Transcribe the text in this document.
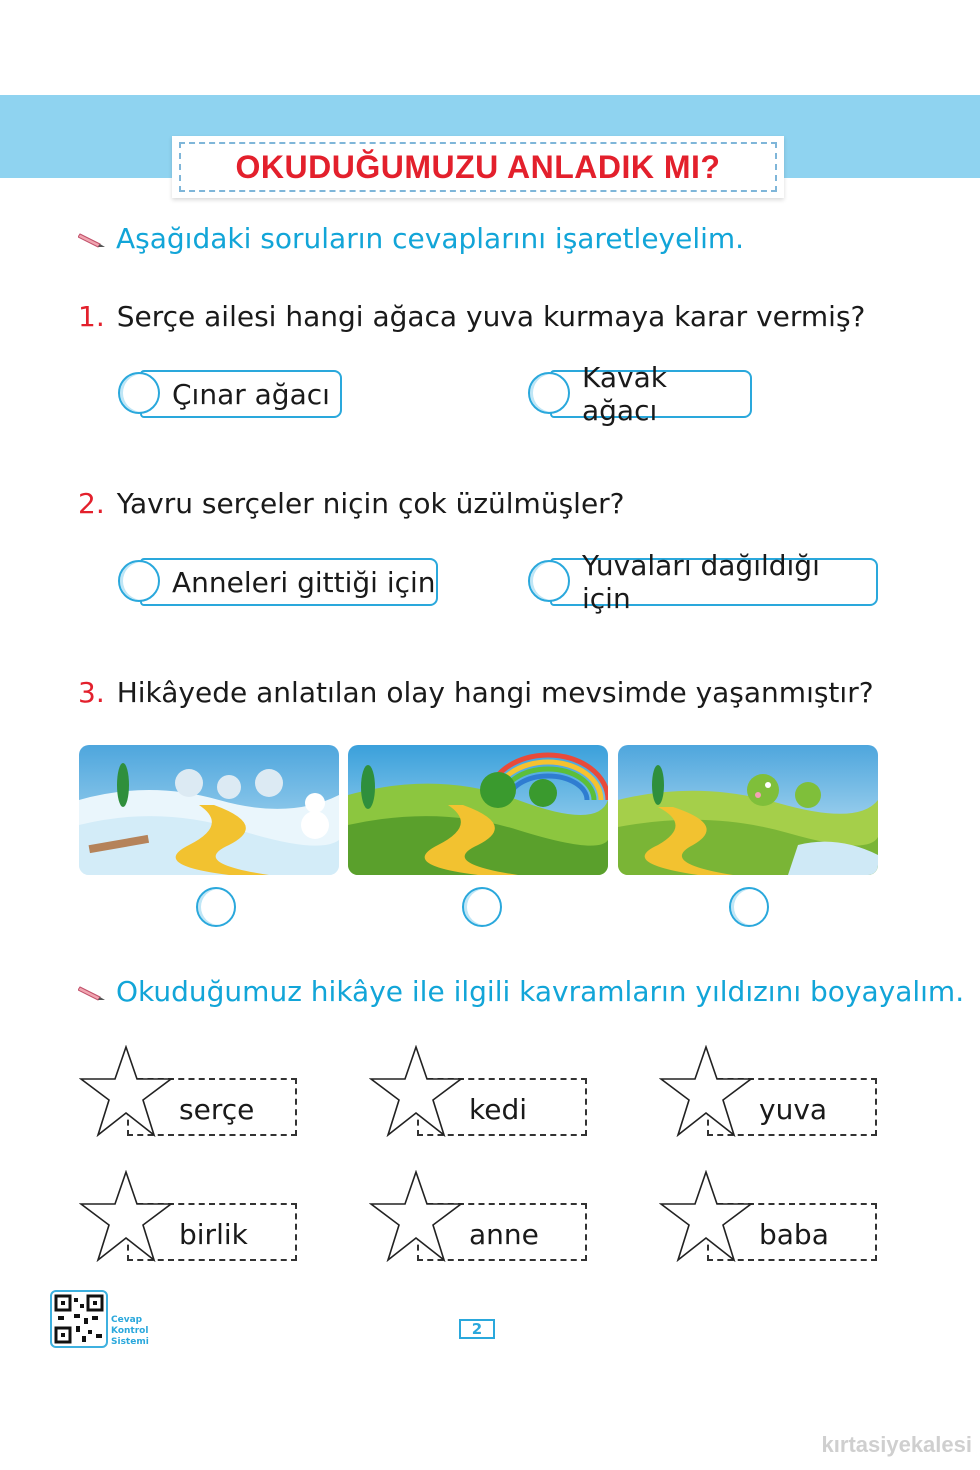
OKUDUĞUMUZU ANLADIK MI?
Aşağıdaki soruların cevaplarını işaretleyelim.
1. Serçe ailesi hangi ağaca yuva kurmaya karar vermiş?
Çınar ağacı	Kavak ağacı
2. Yavru serçeler niçin çok üzülmüşler?
Anneleri gittiği için	Yuvaları dağıldığı için
3. Hikâyede anlatılan olay hangi mevsimde yaşanmıştır?
Okuduğumuz hikâye ile ilgili kavramların yıldızını boyayalım.
serçe	kedi	yuva
birlik	anne	baba
Cevap
Kontrol
Sistemi
2
kırtasiyekalesi
